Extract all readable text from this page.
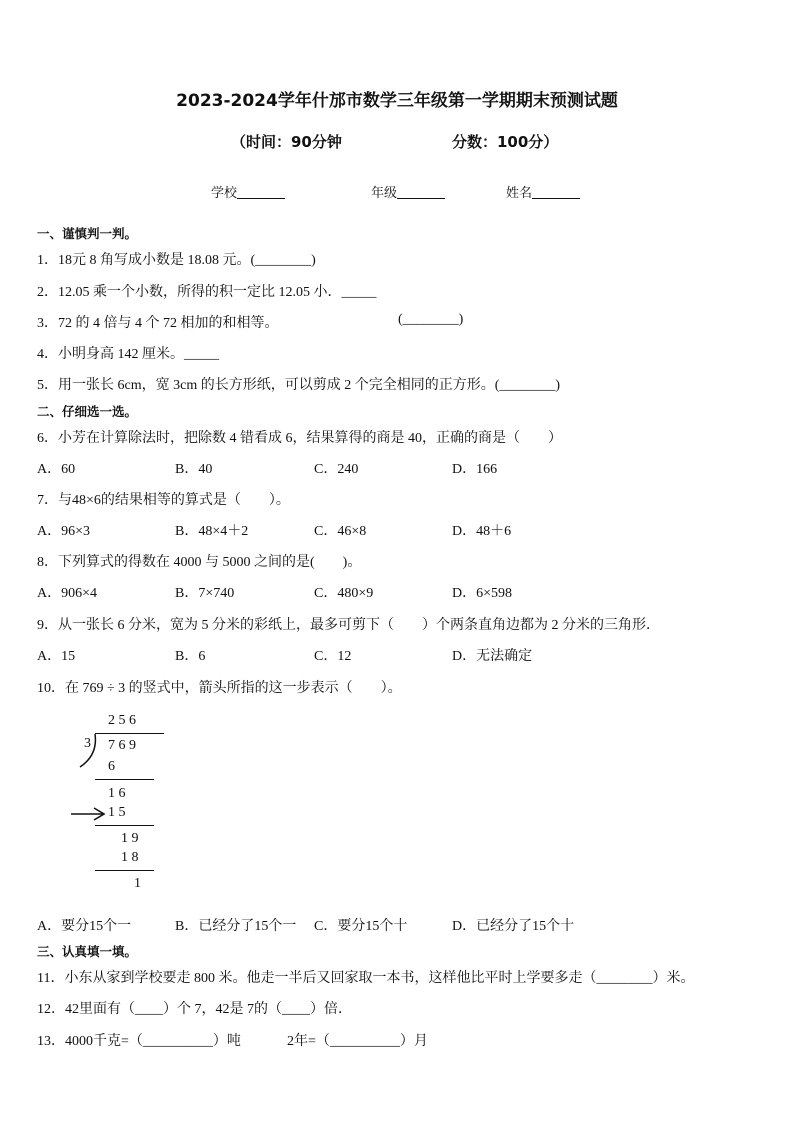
2023-2024学年什邡市数学三年级第一学期期末预测试题
（时间：90分钟	分数：100分）
学校	年级	姓名
一、谨慎判一判。
1．18元 8 角写成小数是 18.08 元。(________)
2．12.05 乘一个小数，所得的积一定比 12.05 小．_____
3．72 的 4 倍与 4 个 72 相加的和相等。	(________)
4．小明身高 142 厘米。_____
5．用一张长 6cm，宽 3cm 的长方形纸，可以剪成 2 个完全相同的正方形。(________)
二、仔细选一选。
6．小芳在计算除法时，把除数 4 错看成 6，结果算得的商是 40，正确的商是（　　）
A．60	B．40	C．240	D．166
7．与48×6的结果相等的算式是（　　）。
A．96×3	B．48×4＋2	C．46×8	D．48＋6
8．下列算式的得数在 4000 与 5000 之间的是(　　)。
A．906×4	B．7×740	C．480×9	D．6×598
9．从一张长 6 分米，宽为 5 分米的彩纸上，最多可剪下（　　）个两条直角边都为 2 分米的三角形．
A．15	B．6	C．12	D．无法确定
10．在 769 ÷ 3 的竖式中，箭头所指的这一步表示（　　）。
2 5 6
3 7 6 9
6
1 6
1 5
1 9
1 8
1
A．要分15个一	B．已经分了15个一 C．要分15个十	D．已经分了15个十
三、认真填一填。
11．小东从家到学校要走 800 米。他走一半后又回家取一本书，这样他比平时上学要多走（________）米。
12．42里面有（____）个 7，42是 7的（____）倍．
13．4000千克=（__________）吨	2年=（__________）月
